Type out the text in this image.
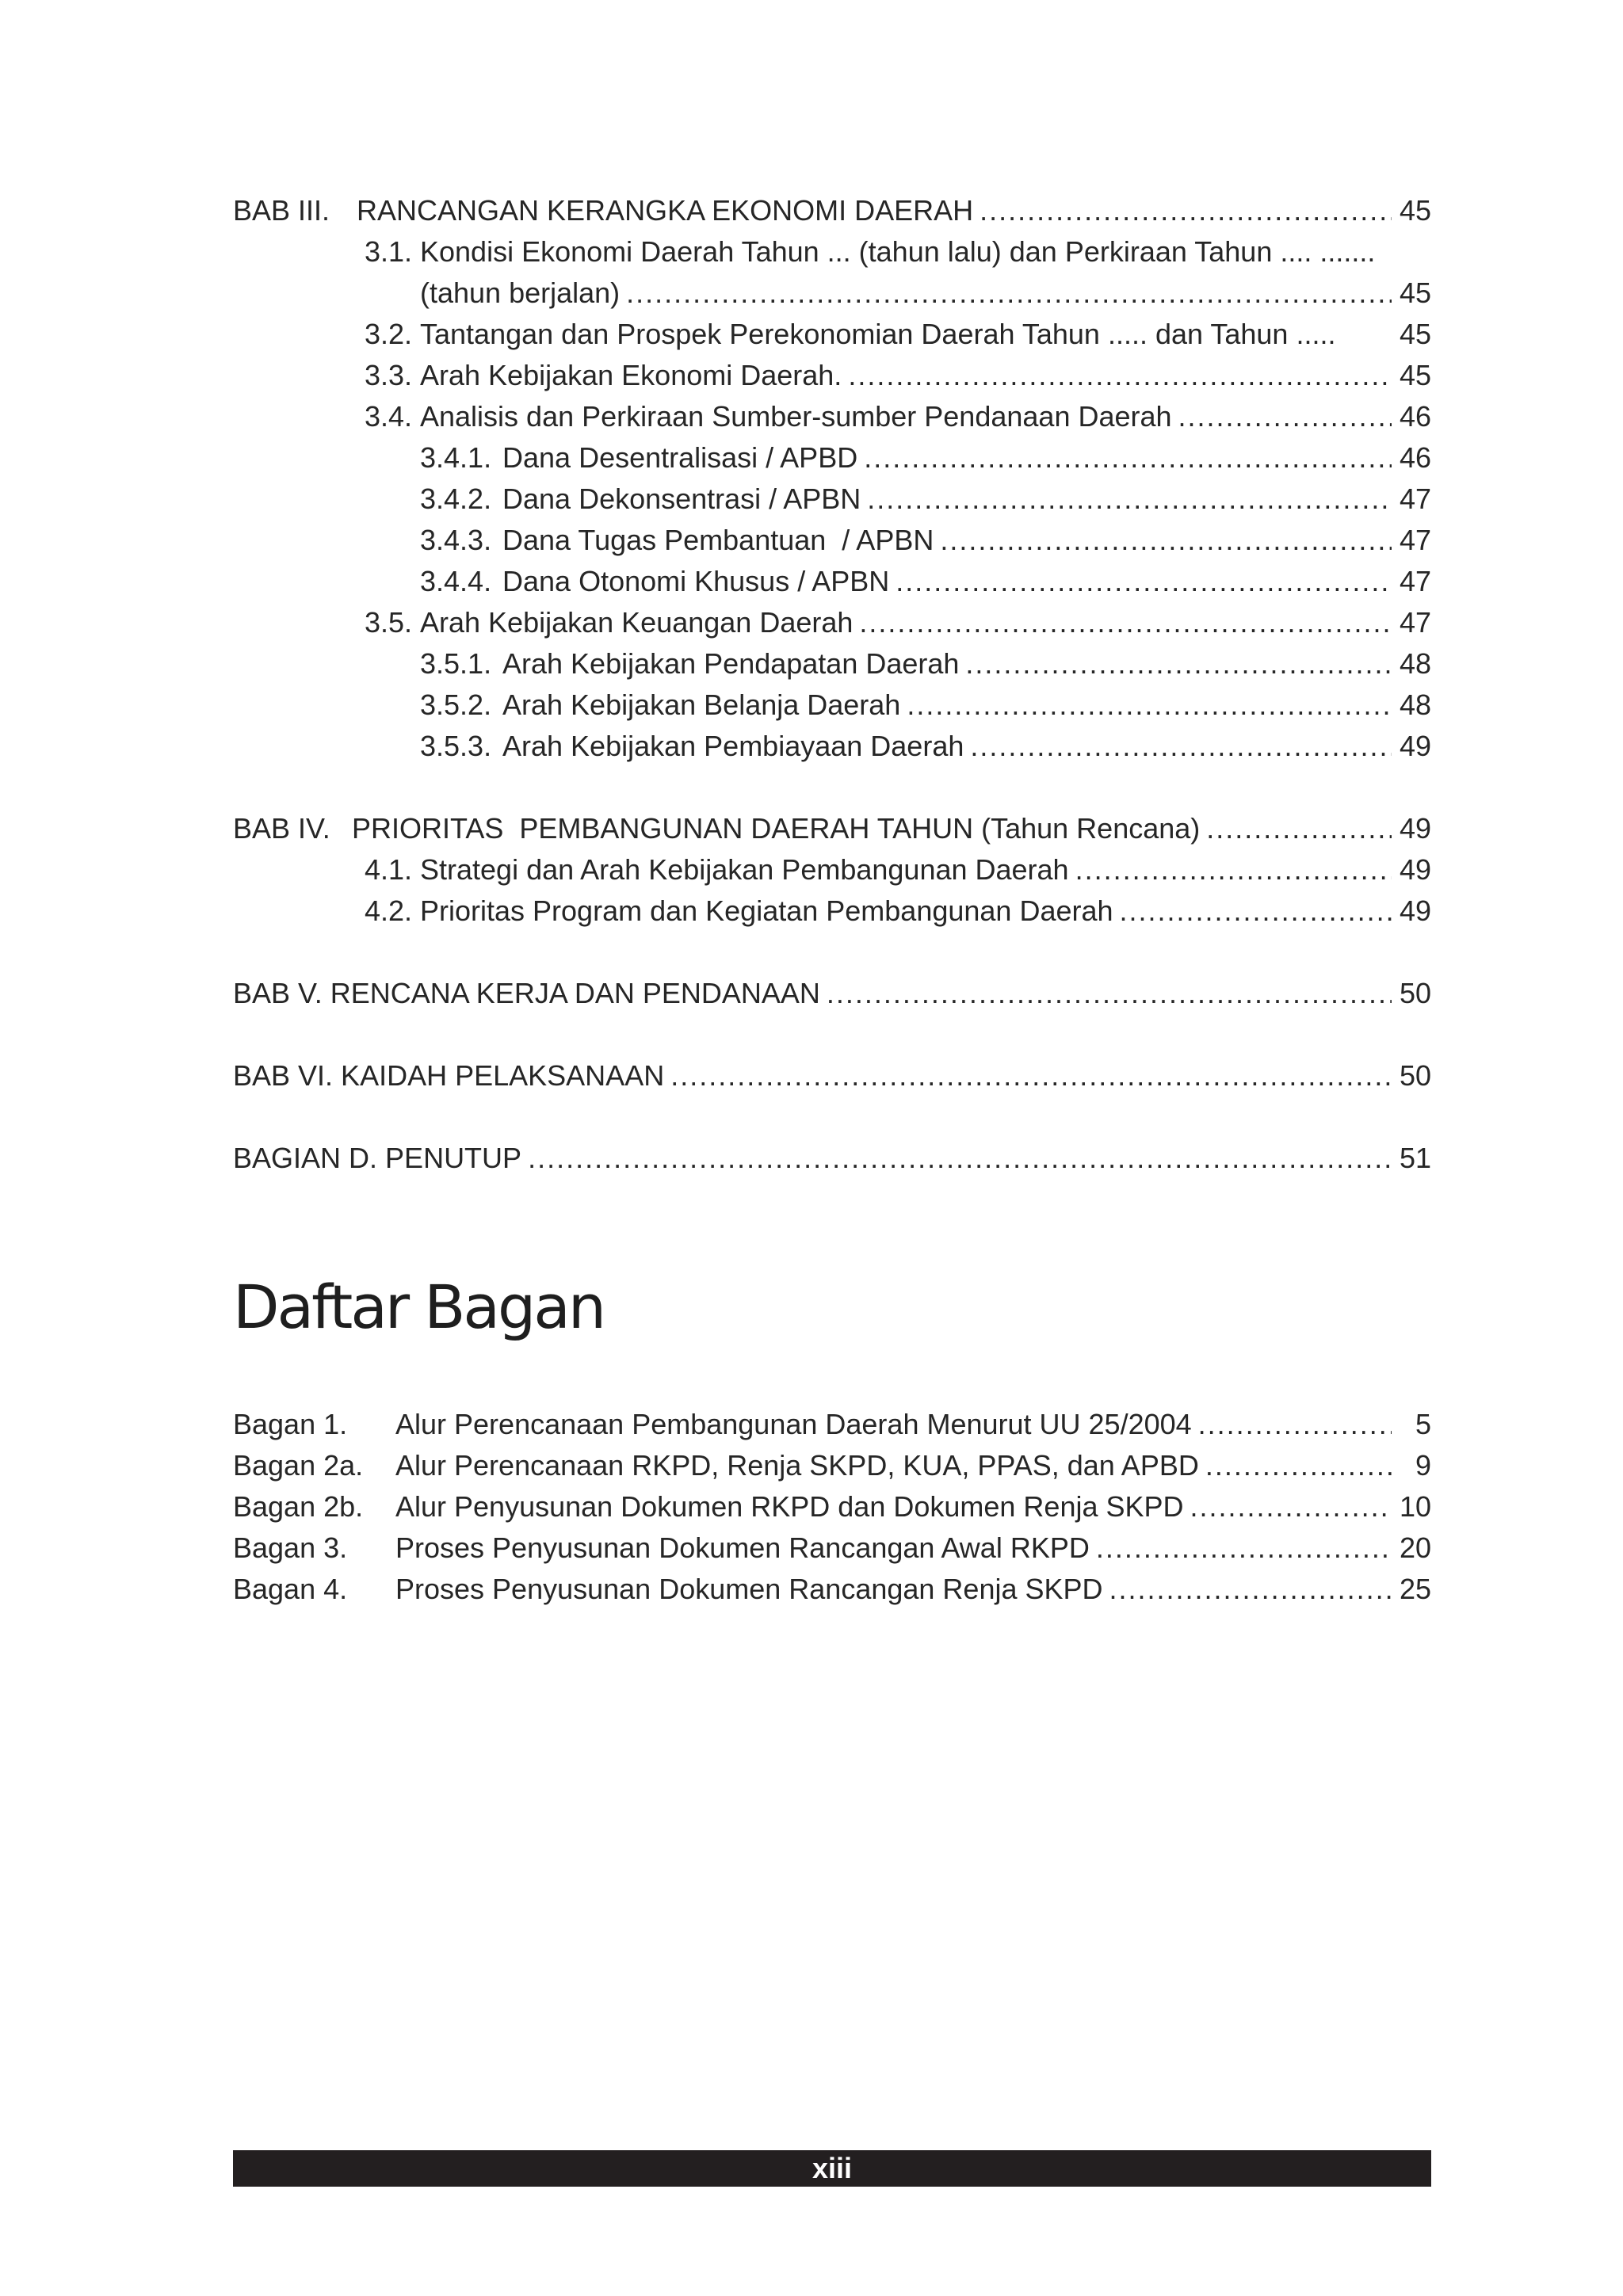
BAB III. RANCANGAN KERANGKA EKONOMI DAERAH .....	45
3.1. Kondisi Ekonomi Daerah Tahun ... (tahun lalu) dan Perkiraan Tahun .... .......
(tahun berjalan) .....	45
3.2. Tantangan dan Prospek Perekonomian Daerah Tahun ..... dan Tahun ..... 45
3.3. Arah Kebijakan Ekonomi Daerah. .....	45
3.4. Analisis dan Perkiraan Sumber-sumber Pendanaan Daerah .....	46
3.4.1. Dana Desentralisasi / APBD .....	46
3.4.2. Dana Dekonsentrasi / APBN .....	47
3.4.3. Dana Tugas Pembantuan  / APBN .....	47
3.4.4. Dana Otonomi Khusus / APBN .....	47
3.5. Arah Kebijakan Keuangan Daerah .....	47
3.5.1. Arah Kebijakan Pendapatan Daerah .....	48
3.5.2. Arah Kebijakan Belanja Daerah .....	48
3.5.3. Arah Kebijakan Pembiayaan Daerah .....	49
BAB IV. PRIORITAS  PEMBANGUNAN DAERAH TAHUN (Tahun Rencana) .....	49
4.1. Strategi dan Arah Kebijakan Pembangunan Daerah .....	49
4.2. Prioritas Program dan Kegiatan Pembangunan Daerah .....	49
BAB V. RENCANA KERJA DAN PENDANAAN .....	50
BAB VI. KAIDAH PELAKSANAAN .....	50
BAGIAN D. PENUTUP .....	51
Daftar Bagan
Bagan 1. Alur Perencanaan Pembangunan Daerah Menurut UU 25/2004 .....	5
Bagan 2a. Alur Perencanaan RKPD, Renja SKPD, KUA, PPAS, dan APBD .....	9
Bagan 2b. Alur Penyusunan Dokumen RKPD dan Dokumen Renja SKPD .....	10
Bagan 3. Proses Penyusunan Dokumen Rancangan Awal RKPD .....	20
Bagan 4. Proses Penyusunan Dokumen Rancangan Renja SKPD .....	25
xiii
